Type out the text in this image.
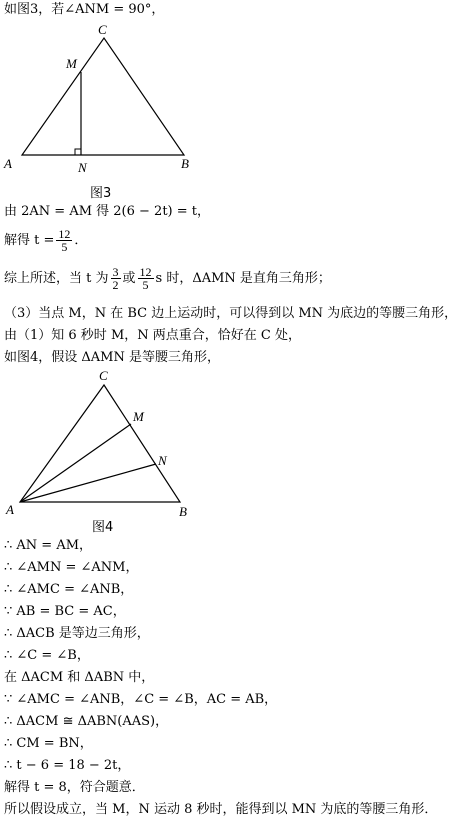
如图3，若∠ANM = 90°，
C
M
A	N	B
图3
由 2AN = AM 得 2(6 − 2t) = t，
解得 $t = \frac{12}{5}$ ．
综上所述，当 t 为 $\frac{3}{2}$ 或 $\frac{12}{5}$ s 时，ΔAMN 是直角三角形；
（3）当点 M，N 在 BC 边上运动时，可以得到以 MN 为底边的等腰三角形，
由（1）知 6 秒时 M，N 两点重合，恰好在 C 处，
如图4，假设 ΔAMN 是等腰三角形，
C
M
N
A	B
图4
∴ AN = AM，
∴ ∠AMN = ∠ANM，
∴ ∠AMC = ∠ANB，
∵ AB = BC = AC，
∴ ΔACB 是等边三角形，
∴ ∠C = ∠B，
在 ΔACM 和 ΔABN 中，
∵ ∠AMC = ∠ANB，∠C = ∠B，AC = AB，
∴ ΔACM ≅ ΔABN(AAS)，
∴ CM = BN，
∴ t − 6 = 18 − 2t，
解得 t = 8，符合题意．
所以假设成立，当 M，N 运动 8 秒时，能得到以 MN 为底的等腰三角形．
